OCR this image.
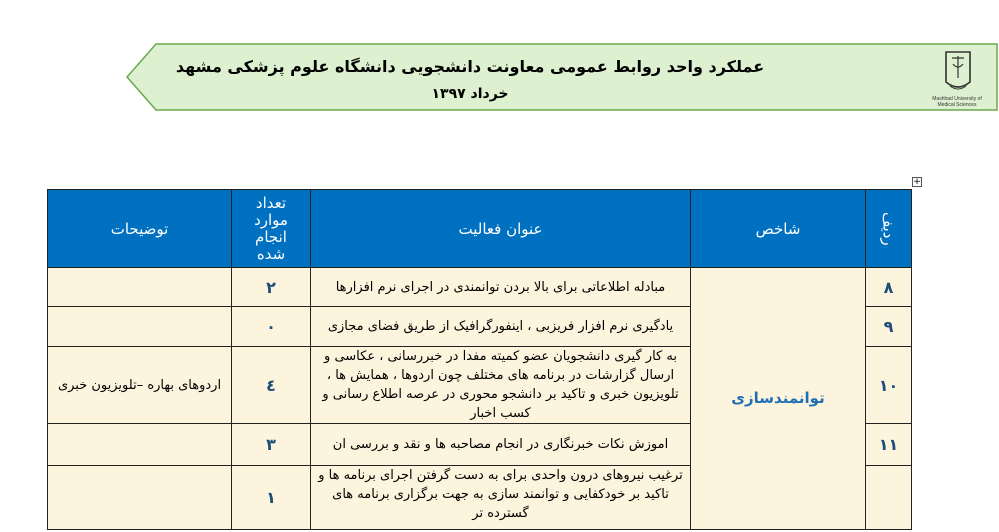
عملکرد واحد روابط عمومی معاونت دانشجویی دانشگاه علوم پزشکی مشهد
خرداد ۱۳۹۷	Mashhad University of
Medical Sciences
+
توضیحات	تعداد موارد انجام شده	عنوان فعالیت	شاخص	ردیف
	۲	مبادله اطلاعاتی برای بالا بردن توانمندی در اجرای نرم افزارها	توانمندسازی	۸
	۰	یادگیری نرم افزار فریزبی ، اینفورگرافیک از طریق فضای مجازی		۹
اردوهای بهاره –تلویزیون خبری	٤	به کار گیری دانشجویان عضو کمیته مفدا در خبررسانی ، عکاسی و ارسال گزارشات در برنامه های مختلف چون اردوها ، همایش ها ، تلویزیون خبری و تاکید بر دانشجو محوری در عرصه اطلاع رسانی و کسب اخبار		۱۰
	۳	اموزش نکات خبرنگاری در انجام مصاحبه ها و نقد و بررسی ان		۱۱
	۱	ترغیب نیروهای درون واحدی برای به دست گرفتن اجرای برنامه ها و تاکید بر خودکفایی و توانمند سازی به جهت برگزاری برنامه های گسترده تر		
